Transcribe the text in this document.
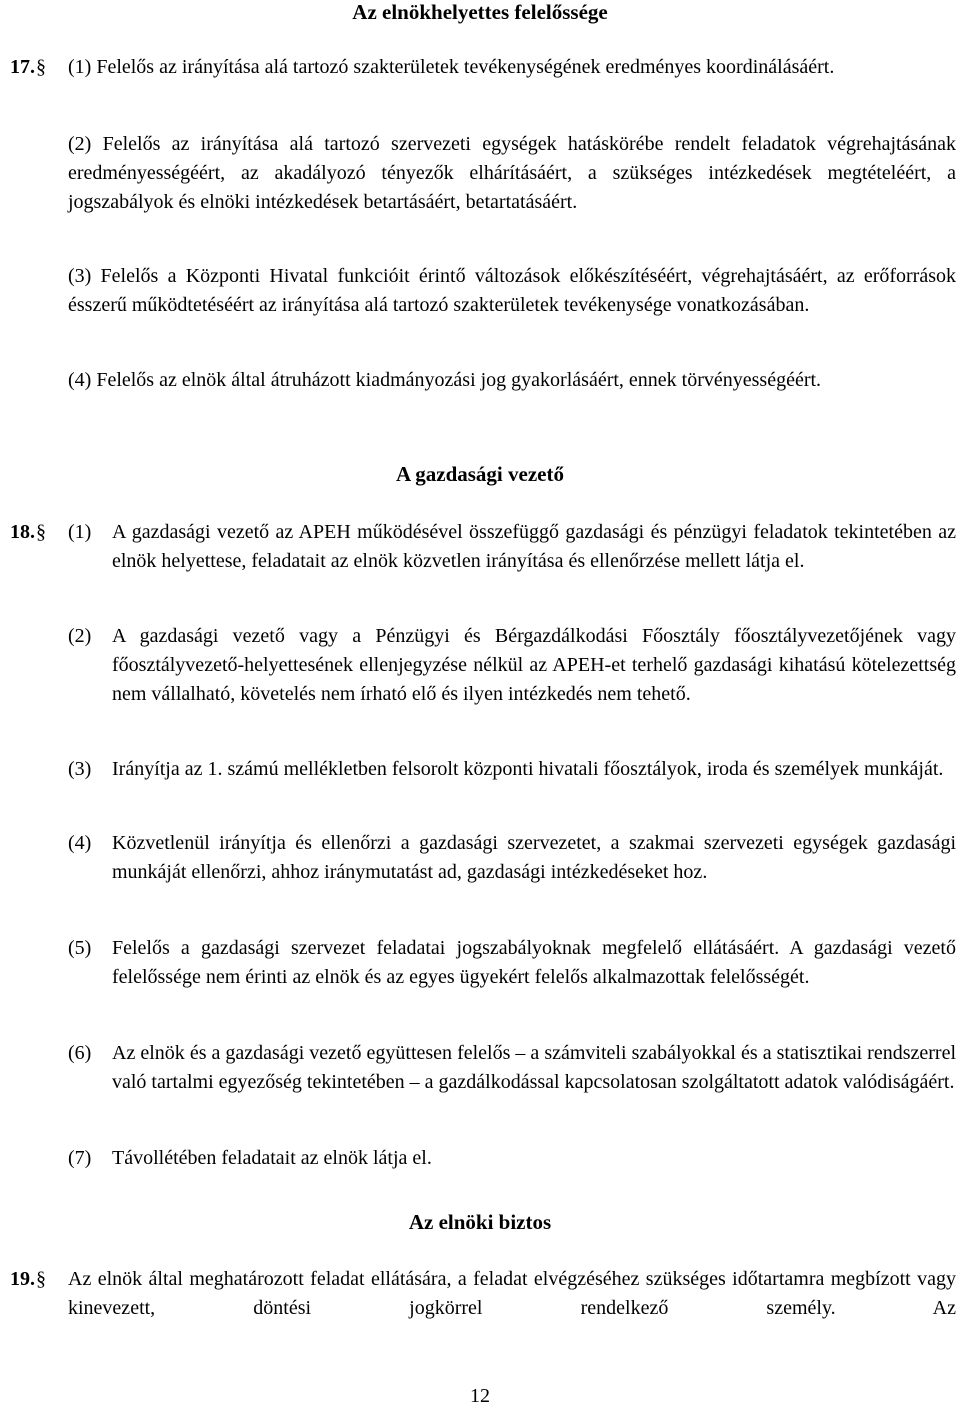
Az elnökhelyettes felelőssége
17. § (1) Felelős az irányítása alá tartozó szakterületek tevékenységének eredményes koordinálásáért.
(2) Felelős az irányítása alá tartozó szervezeti egységek hatáskörébe rendelt feladatok végrehajtásának eredményességéért, az akadályozó tényezők elhárításáért, a szükséges intézkedések megtételéért, a jogszabályok és elnöki intézkedések betartásáért, betartatásáért.
(3) Felelős a Központi Hivatal funkcióit érintő változások előkészítéséért, végrehajtásáért, az erőforrások ésszerű működtetéséért az irányítása alá tartozó szakterületek tevékenysége vonatkozásában.
(4) Felelős az elnök által átruházott kiadmányozási jog gyakorlásáért, ennek törvényességéért.
A gazdasági vezető
18. § (1) A gazdasági vezető az APEH működésével összefüggő gazdasági és pénzügyi feladatok tekintetében az elnök helyettese, feladatait az elnök közvetlen irányítása és ellenőrzése mellett látja el.
(2) A gazdasági vezető vagy a Pénzügyi és Bérgazdálkodási Főosztály főosztályvezetőjének vagy főosztályvezető-helyettesének ellenjegyzése nélkül az APEH-et terhelő gazdasági kihatású kötelezettség nem vállalható, követelés nem írható elő és ilyen intézkedés nem tehető.
(3) Irányítja az 1. számú mellékletben felsorolt központi hivatali főosztályok, iroda és személyek munkáját.
(4) Közvetlenül irányítja és ellenőrzi a gazdasági szervezetet, a szakmai szervezeti egységek gazdasági munkáját ellenőrzi, ahhoz iránymutatást ad, gazdasági intézkedéseket hoz.
(5) Felelős a gazdasági szervezet feladatai jogszabályoknak megfelelő ellátásáért. A gazdasági vezető felelőssége nem érinti az elnök és az egyes ügyekért felelős alkalmazottak felelősségét.
(6) Az elnök és a gazdasági vezető együttesen felelős – a számviteli szabályokkal és a statisztikai rendszerrel való tartalmi egyezőség tekintetében – a gazdálkodással kapcsolatosan szolgáltatott adatok valódiságáért.
(7) Távollétében feladatait az elnök látja el.
Az elnöki biztos
19. § Az elnök által meghatározott feladat ellátására, a feladat elvégzéséhez szükséges időtartamra megbízott vagy kinevezett, döntési jogkörrel rendelkező személy. Az
12
